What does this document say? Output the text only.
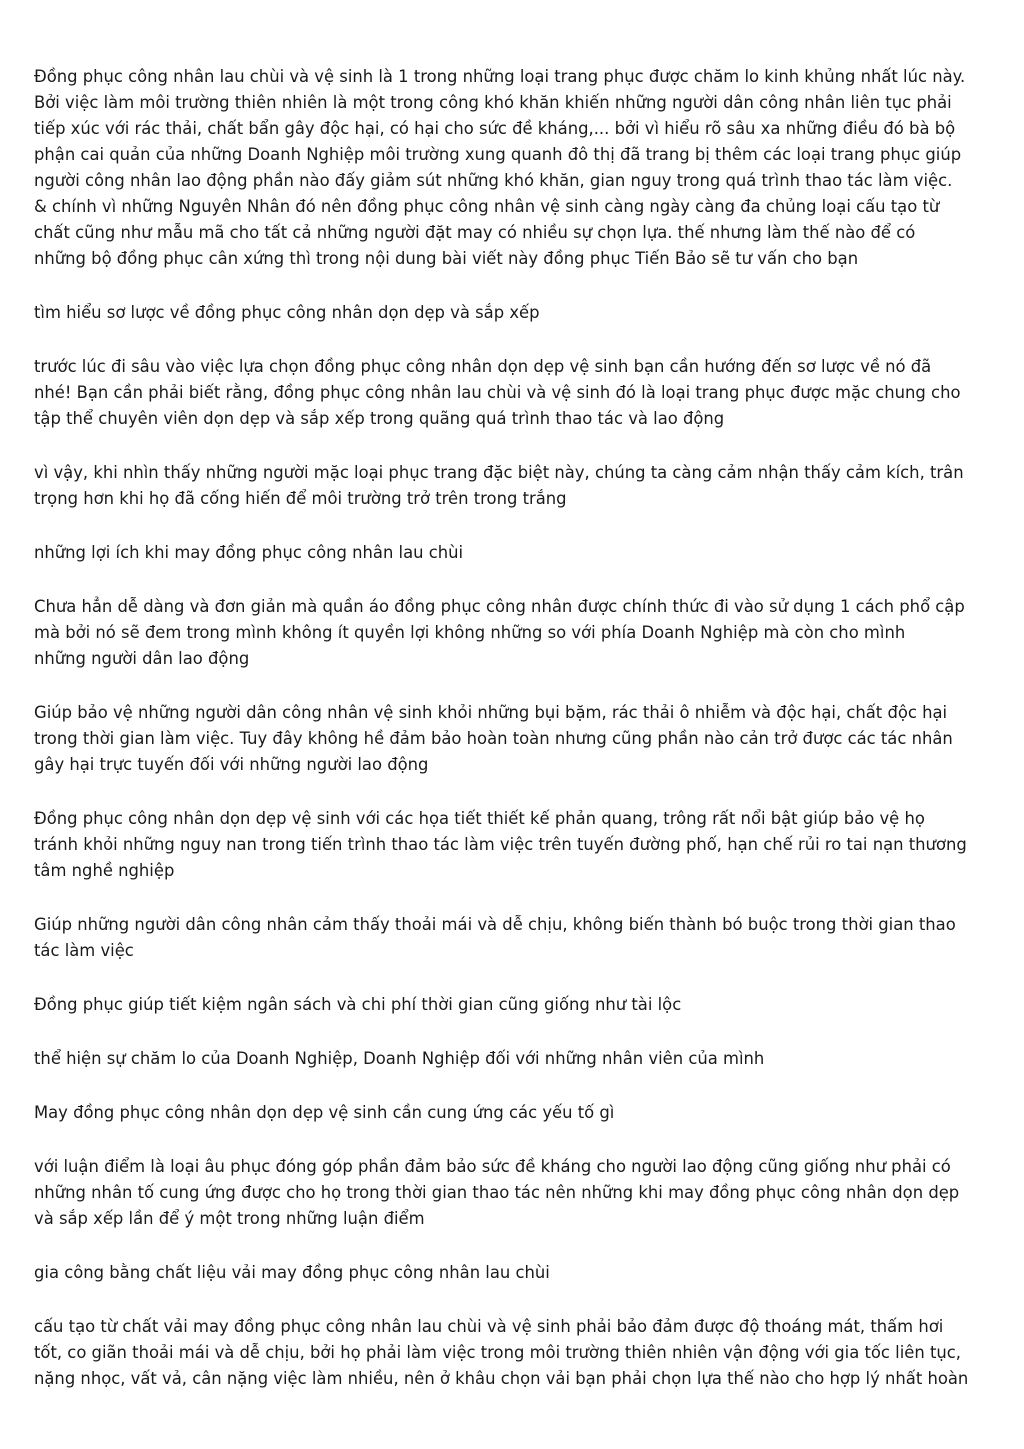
Đồng phục công nhân lau chùi và vệ sinh là 1 trong những loại trang phục được chăm lo kinh khủng nhất lúc này.
Bởi việc làm môi trường thiên nhiên là một trong công khó khăn khiến những người dân công nhân liên tục phải
tiếp xúc với rác thải, chất bẩn gây độc hại, có hại cho sức đề kháng,... bởi vì hiểu rõ sâu xa những điều đó bà bộ
phận cai quản của những Doanh Nghiệp môi trường xung quanh đô thị đã trang bị thêm các loại trang phục giúp
người công nhân lao động phần nào đấy giảm sút những khó khăn, gian nguy trong quá trình thao tác làm việc.
& chính vì những Nguyên Nhân đó nên đồng phục công nhân vệ sinh càng ngày càng đa chủng loại cấu tạo từ
chất cũng như mẫu mã cho tất cả những người đặt may có nhiều sự chọn lựa. thế nhưng làm thế nào để có
những bộ đồng phục cân xứng thì trong nội dung bài viết này đồng phục Tiến Bảo sẽ tư vấn cho bạn

tìm hiểu sơ lược về đồng phục công nhân dọn dẹp và sắp xếp

trước lúc đi sâu vào việc lựa chọn đồng phục công nhân dọn dẹp vệ sinh bạn cần hướng đến sơ lược về nó đã
nhé! Bạn cần phải biết rằng, đồng phục công nhân lau chùi và vệ sinh đó là loại trang phục được mặc chung cho
tập thể chuyên viên dọn dẹp và sắp xếp trong quãng quá trình thao tác và lao động

vì vậy, khi nhìn thấy những người mặc loại phục trang đặc biệt này, chúng ta càng cảm nhận thấy cảm kích, trân
trọng hơn khi họ đã cống hiến để môi trường trở trên trong trắng

những lợi ích khi may đồng phục công nhân lau chùi

Chưa hẳn dễ dàng và đơn giản mà quần áo đồng phục công nhân được chính thức đi vào sử dụng 1 cách phổ cập
mà bởi nó sẽ đem trong mình không ít quyền lợi không những so với phía Doanh Nghiệp mà còn cho mình
những người dân lao động

Giúp bảo vệ những người dân công nhân vệ sinh khỏi những bụi bặm, rác thải ô nhiễm và độc hại, chất độc hại
trong thời gian làm việc. Tuy đây không hề đảm bảo hoàn toàn nhưng cũng phần nào cản trở được các tác nhân
gây hại trực tuyến đối với những người lao động

Đồng phục công nhân dọn dẹp vệ sinh với các họa tiết thiết kế phản quang, trông rất nổi bật giúp bảo vệ họ
tránh khỏi những nguy nan trong tiến trình thao tác làm việc trên tuyến đường phố, hạn chế rủi ro tai nạn thương
tâm nghề nghiệp

Giúp những người dân công nhân cảm thấy thoải mái và dễ chịu, không biến thành bó buộc trong thời gian thao
tác làm việc

Đồng phục giúp tiết kiệm ngân sách và chi phí thời gian cũng giống như tài lộc

thể hiện sự chăm lo của Doanh Nghiệp, Doanh Nghiệp đối với những nhân viên của mình

May đồng phục công nhân dọn dẹp vệ sinh cần cung ứng các yếu tố gì

với luận điểm là loại âu phục đóng góp phần đảm bảo sức đề kháng cho người lao động cũng giống như phải có
những nhân tố cung ứng được cho họ trong thời gian thao tác nên những khi may đồng phục công nhân dọn dẹp
và sắp xếp lần để ý một trong những luận điểm

gia công bằng chất liệu vải may đồng phục công nhân lau chùi

cấu tạo từ chất vải may đồng phục công nhân lau chùi và vệ sinh phải bảo đảm được độ thoáng mát, thấm hơi
tốt, co giãn thoải mái và dễ chịu, bởi họ phải làm việc trong môi trường thiên nhiên vận động với gia tốc liên tục,
nặng nhọc, vất vả, cân nặng việc làm nhiều, nên ở khâu chọn vải bạn phải chọn lựa thế nào cho hợp lý nhất hoàn
